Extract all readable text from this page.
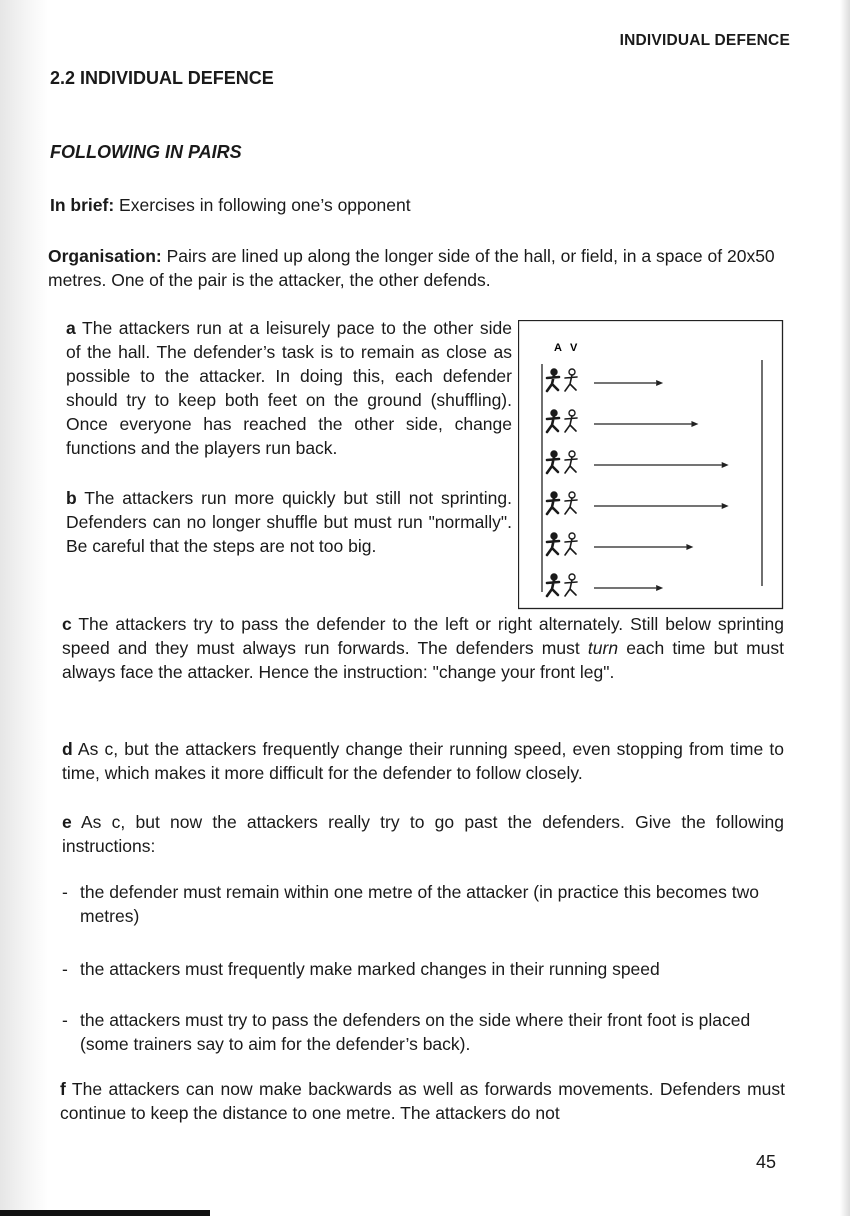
INDIVIDUAL DEFENCE
2.2 INDIVIDUAL DEFENCE
FOLLOWING IN PAIRS
In brief: Exercises in following one’s opponent
Organisation: Pairs are lined up along the longer side of the hall, or field, in a space of 20x50 metres. One of the pair is the attacker, the other defends.
a The attackers run at a leisurely pace to the other side of the hall. The defender’s task is to remain as close as possible to the attacker. In doing this, each defender should try to keep both feet on the ground (shuffling). Once everyone has reached the other side, change functions and the players run back.
b The attackers run more quickly but still not sprinting. Defenders can no longer shuffle but must run "normally". Be careful that the steps are not too big.
A V
c The attackers try to pass the defender to the left or right alternately. Still below sprinting speed and they must always run forwards. The defenders must turn each time but must always face the attacker. Hence the instruction: "change your front leg".
d As c, but the attackers frequently change their running speed, even stopping from time to time, which makes it more difficult for the defender to follow closely.
e As c, but now the attackers really try to go past the defenders. Give the following instructions:
- the defender must remain within one metre of the attacker (in practice this becomes two metres)
- the attackers must frequently make marked changes in their running speed
- the attackers must try to pass the defenders on the side where their front foot is placed (some trainers say to aim for the defender’s back).
f The attackers can now make backwards as well as forwards movements. Defenders must continue to keep the distance to one metre. The attackers do not
45
